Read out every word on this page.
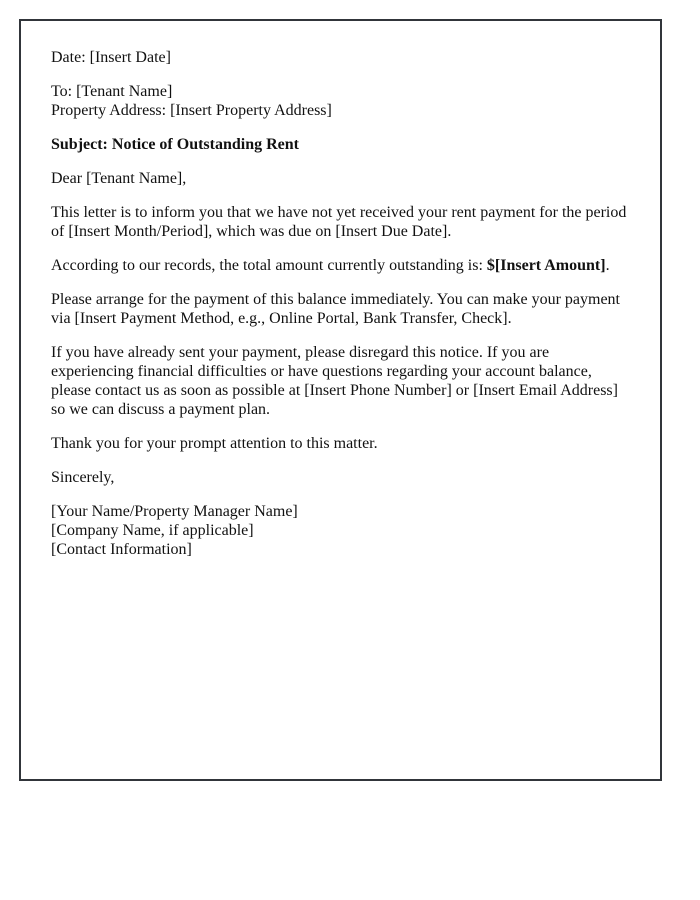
Date: [Insert Date]

To: [Tenant Name]
Property Address: [Insert Property Address]

Subject: Notice of Outstanding Rent

Dear [Tenant Name],

This letter is to inform you that we have not yet received your rent payment for the period of [Insert Month/Period], which was due on [Insert Due Date].

According to our records, the total amount currently outstanding is: $[Insert Amount].

Please arrange for the payment of this balance immediately. You can make your payment via [Insert Payment Method, e.g., Online Portal, Bank Transfer, Check].

If you have already sent your payment, please disregard this notice. If you are experiencing financial difficulties or have questions regarding your account balance, please contact us as soon as possible at [Insert Phone Number] or [Insert Email Address] so we can discuss a payment plan.

Thank you for your prompt attention to this matter.

Sincerely,

[Your Name/Property Manager Name]
[Company Name, if applicable]
[Contact Information]
